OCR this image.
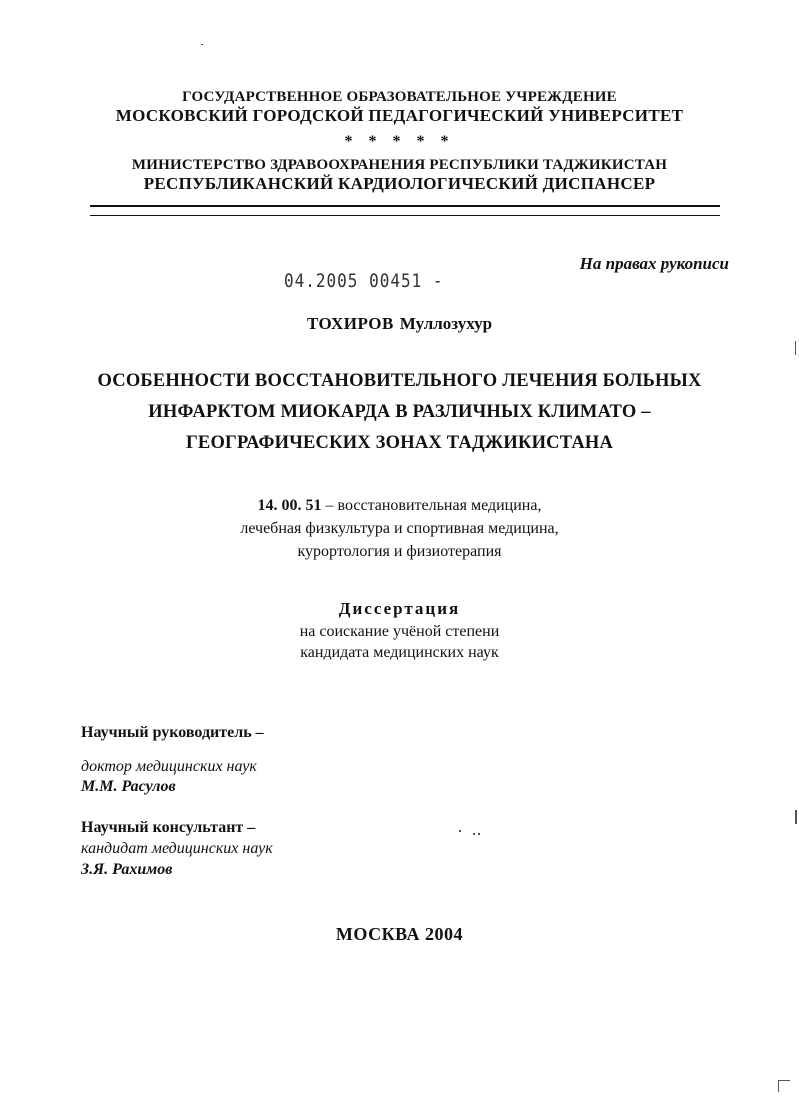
ГОСУДАРСТВЕННОЕ ОБРАЗОВАТЕЛЬНОЕ УЧРЕЖДЕНИЕ
МОСКОВСКИЙ ГОРОДСКОЙ ПЕДАГОГИЧЕСКИЙ УНИВЕРСИТЕТ
* * * * *
МИНИСТЕРСТВО ЗДРАВООХРАНЕНИЯ РЕСПУБЛИКИ ТАДЖИКИСТАН
РЕСПУБЛИКАНСКИЙ КАРДИОЛОГИЧЕСКИЙ ДИСПАНСЕР
04.2005 00451 -
На правах рукописи
ТОХИРОВ Муллозухур
ОСОБЕННОСТИ ВОССТАНОВИТЕЛЬНОГО ЛЕЧЕНИЯ БОЛЬНЫХ
ИНФАРКТОМ МИОКАРДА В РАЗЛИЧНЫХ КЛИМАТО –
ГЕОГРАФИЧЕСКИХ ЗОНАХ ТАДЖИКИСТАНА
14. 00. 51 – восстановительная медицина,
лечебная физкультура и спортивная медицина,
курортология и физиотерапия
Диссертация
на соискание учёной степени
кандидата медицинских наук
Научный руководитель –
доктор медицинских наук
М.М. Расулов
Научный консультант –
кандидат медицинских наук
З.Я. Рахимов
МОСКВА 2004
